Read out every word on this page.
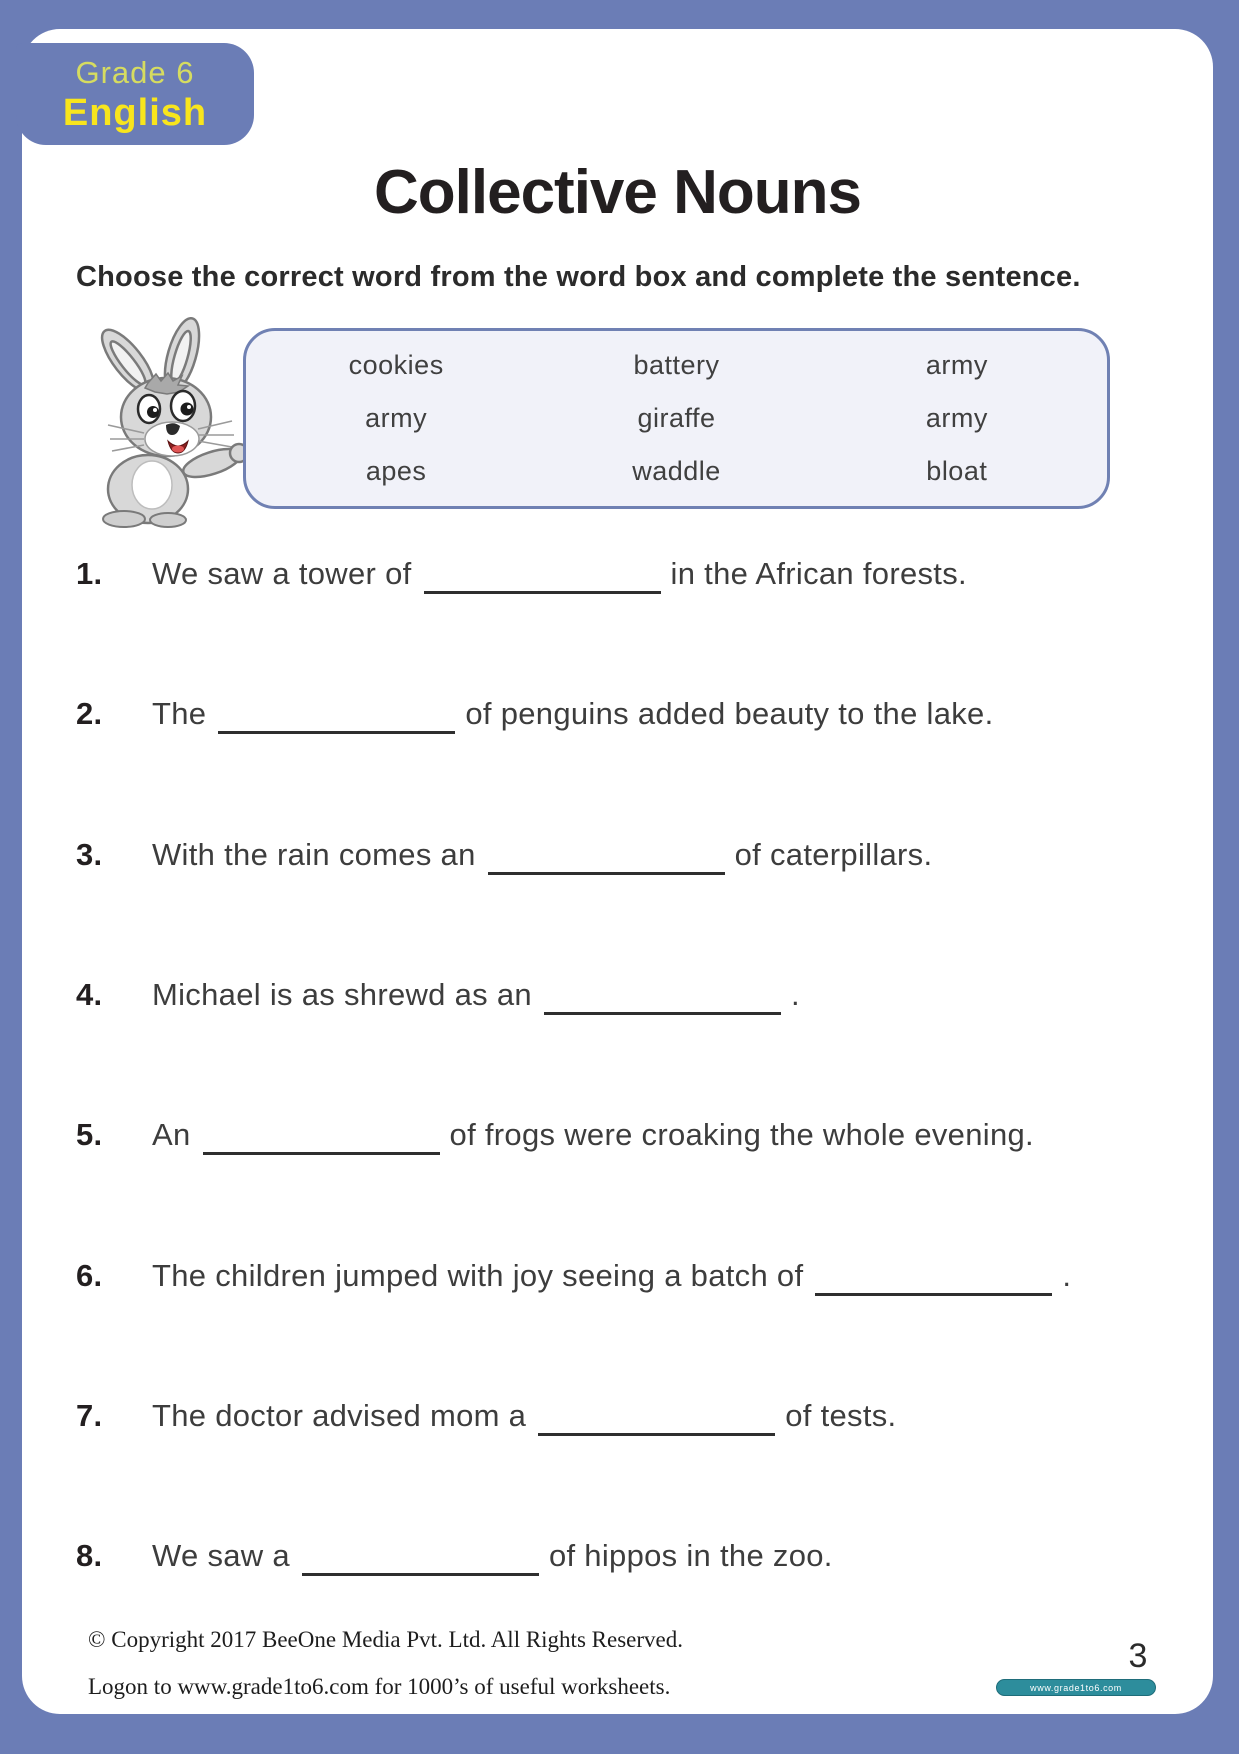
Grade 6
English
Collective Nouns
Choose the correct word from the word box and complete the sentence.
cookies	battery	army
army	giraffe	army
apes	waddle	bloat
1.	We saw a tower of	in the African forests.
2.	The	of penguins added beauty to the lake.
3.	With the rain comes an	of caterpillars.
4.	Michael is as shrewd as an	.
5.	An	of frogs were croaking the whole evening.
6.	The children jumped with joy seeing a batch of	.
7.	The doctor advised mom a	of tests.
8.	We saw a	of hippos in the zoo.
© Copyright 2017 BeeOne Media Pvt. Ltd. All Rights Reserved.
Logon to www.grade1to6.com for 1000’s of useful worksheets.
3
www.grade1to6.com
